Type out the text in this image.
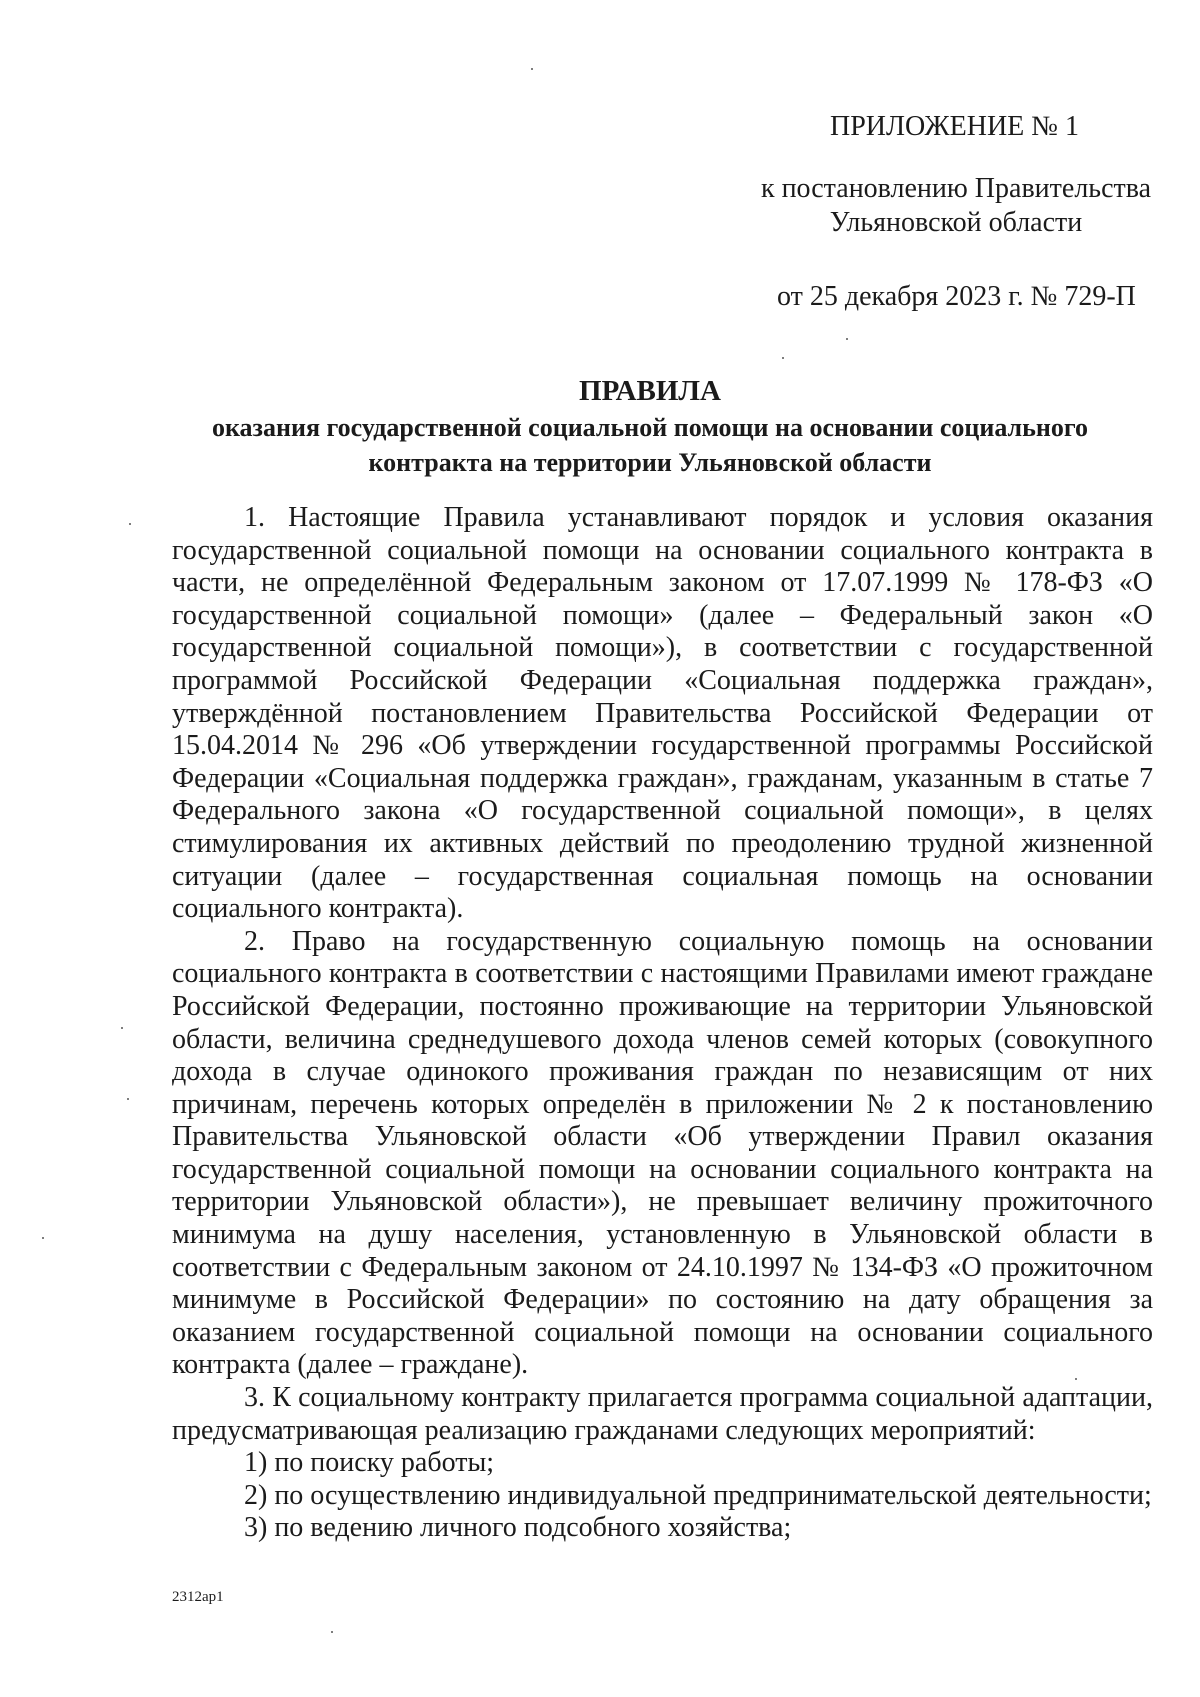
ПРИЛОЖЕНИЕ № 1
к постановлению Правительства
Ульяновской области
от 25 декабря 2023 г. № 729-П
ПРАВИЛА
оказания государственной социальной помощи на основании социального
контракта на территории Ульяновской области

1. Настоящие Правила устанавливают порядок и условия оказания государственной социальной помощи на основании социального контракта в части, не определённой Федеральным законом от 17.07.1999 № 178-ФЗ «О государственной социальной помощи» (далее – Федеральный закон «О государственной социальной помощи»), в соответствии с государственной программой Российской Федерации «Социальная поддержка граждан», утверждённой постановлением Правительства Российской Федерации от 15.04.2014 № 296 «Об утверждении государственной программы Российской Федерации «Социальная поддержка граждан», гражданам, указанным в статье 7 Федерального закона «О государственной социальной помощи», в целях стимулирования их активных действий по преодолению трудной жизненной ситуации (далее – государственная социальная помощь на основании социального контракта).

2. Право на государственную социальную помощь на основании социального контракта в соответствии с настоящими Правилами имеют граждане Российской Федерации, постоянно проживающие на территории Ульяновской области, величина среднедушевого дохода членов семей которых (совокупного дохода в случае одинокого проживания граждан по независящим от них причинам, перечень которых определён в приложении № 2 к постановлению Правительства Ульяновской области «Об утверждении Правил оказания государственной социальной помощи на основании социального контракта на территории Ульяновской области»), не превышает величину прожиточного минимума на душу населения, установленную в Ульяновской области в соответствии с Федеральным законом от 24.10.1997 № 134-ФЗ «О прожиточном минимуме в Российской Федерации» по состоянию на дату обращения за оказанием государственной социальной помощи на основании социального контракта (далее – граждане).

3. К социальному контракту прилагается программа социальной адаптации, предусматривающая реализацию гражданами следующих мероприятий:

1) по поиску работы;

2) по осуществлению индивидуальной предпринимательской деятельности;

3) по ведению личного подсобного хозяйства;

2312ap1
